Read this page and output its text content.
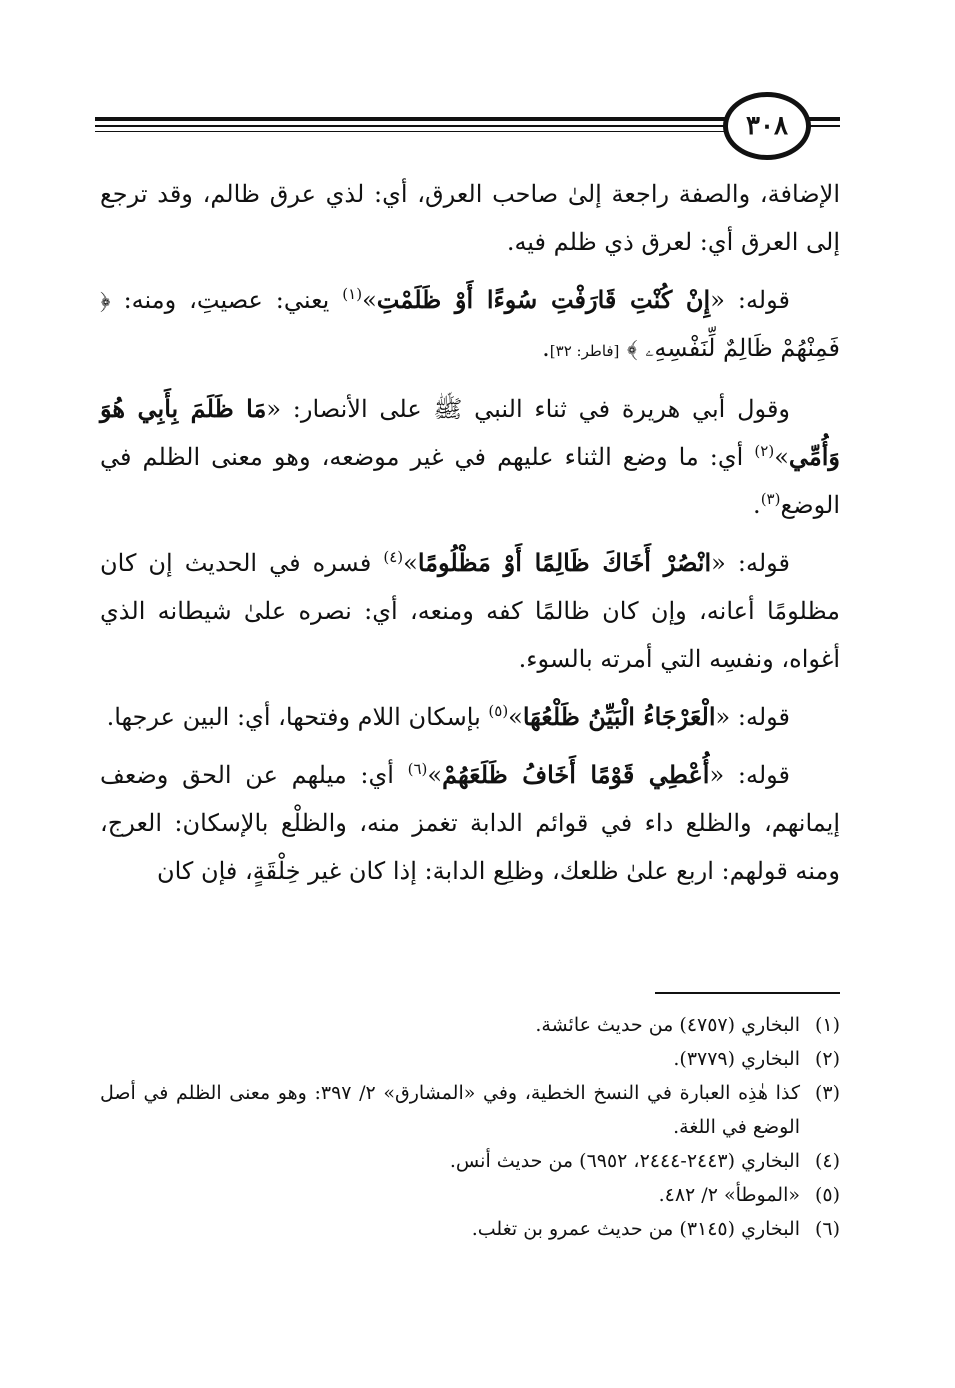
٣٠٨

الإضافة، والصفة راجعة إلىٰ صاحب العرق، أي: لذي عرق ظالم، وقد ترجع إلى العرق أي: لعرق ذي ظلم فيه.

قوله: «إِنْ كُنْتِ قَارَفْتِ سُوءًا أَوْ ظَلَمْتِ»$^{(١)}$ يعني: عصيتِ، ومنه: ﴿ فَمِنْهُمْ ظَالِمٌ لِّنَفْسِهِۦ ﴾ [فاطر: ٣٢].

وقول أبي هريرة في ثناء النبي ﷺ على الأنصار: «مَا ظَلَمَ بِأَبِي هُوَ وَأُمِّي»$^{(٢)}$ أي: ما وضع الثناء عليهم في غير موضعه، وهو معنى الظلم في الوضع$^{(٣)}$.

قوله: «انْصُرْ أَخَاكَ ظَالِمًا أَوْ مَظْلُومًا»$^{(٤)}$ فسره في الحديث إن كان مظلومًا أعانه، وإن كان ظالمًا كفه ومنعه، أي: نصره علىٰ شيطانه الذي أغواه، ونفسِه التي أمرته بالسوء.

قوله: «الْعَرْجَاءُ الْبَيِّنُ ظَلْعُهَا»$^{(٥)}$ بإسكان اللام وفتحها، أي: البين عرجها.

قوله: «أُعْطِي قَوْمًا أَخَافُ ظَلَعَهُمْ»$^{(٦)}$ أي: ميلهم عن الحق وضعف إيمانهم، والظلع داء في قوائم الدابة تغمز منه، والظلْع بالإسكان: العرج، ومنه قولهم: اربع علىٰ ظلعك، وظلِع الدابة: إذا كان غير خِلْقَةٍ، فإن كان

(١)
البخاري (٤٧٥٧) من حديث عائشة.
(٢)
البخاري (٣٧٧٩).
(٣)
كذا هٰذِه العبارة في النسخ الخطية، وفي «المشارق» ٢/ ٣٩٧: وهو معنى الظلم في أصل الوضع في اللغة.
(٤)
البخاري (٢٤٤٣-٢٤٤٤، ٦٩٥٢) من حديث أنس.
(٥)
«الموطأ» ٢/ ٤٨٢.
(٦)
البخاري (٣١٤٥) من حديث عمرو بن تغلب.
